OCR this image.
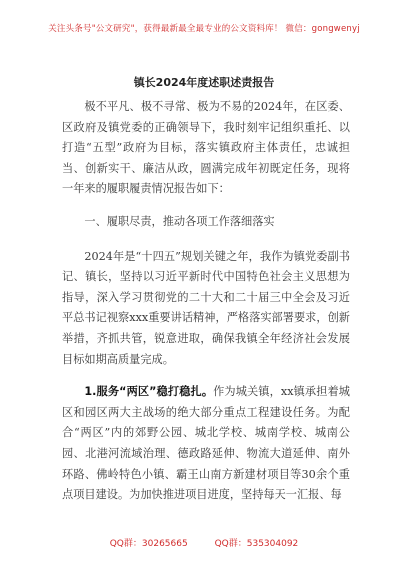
关注头条号"公文研究"，获得最新最全最专业的公文资料库！ 微信：gongwenyj
镇长2024年度述职述责报告

极不平凡、极不寻常、极为不易的2024年，在区委、区政府及镇党委的正确领导下，我时刻牢记组织重托、以打造“五型”政府为目标，落实镇政府主体责任，忠诚担当、创新实干、廉洁从政，圆满完成年初既定任务，现将一年来的履职履责情况报告如下：

一、履职尽责，推动各项工作落细落实

2024年是“十四五”规划关键之年，我作为镇党委副书记、镇长，坚持以习近平新时代中国特色社会主义思想为指导，深入学习贯彻党的二十大和二十届三中全会及习近平总书记视察xxx重要讲话精神，严格落实部署要求，创新举措，齐抓共管，锐意进取，确保我镇全年经济社会发展目标如期高质量完成。

1.服务“两区”稳打稳扎。作为城关镇，xx镇承担着城区和园区两大主战场的绝大部分重点工程建设任务。为配合“两区”内的郊野公园、城北学校、城南学校、城南公园、北港河流域治理、德政路延伸、物流大道延伸、南外环路、佛岭特色小镇、霸王山南方新建材项目等30余个重点项目建设。为加快推进项目进度，坚持每天一汇报、每

QQ群：30265665	QQ群：535304092
